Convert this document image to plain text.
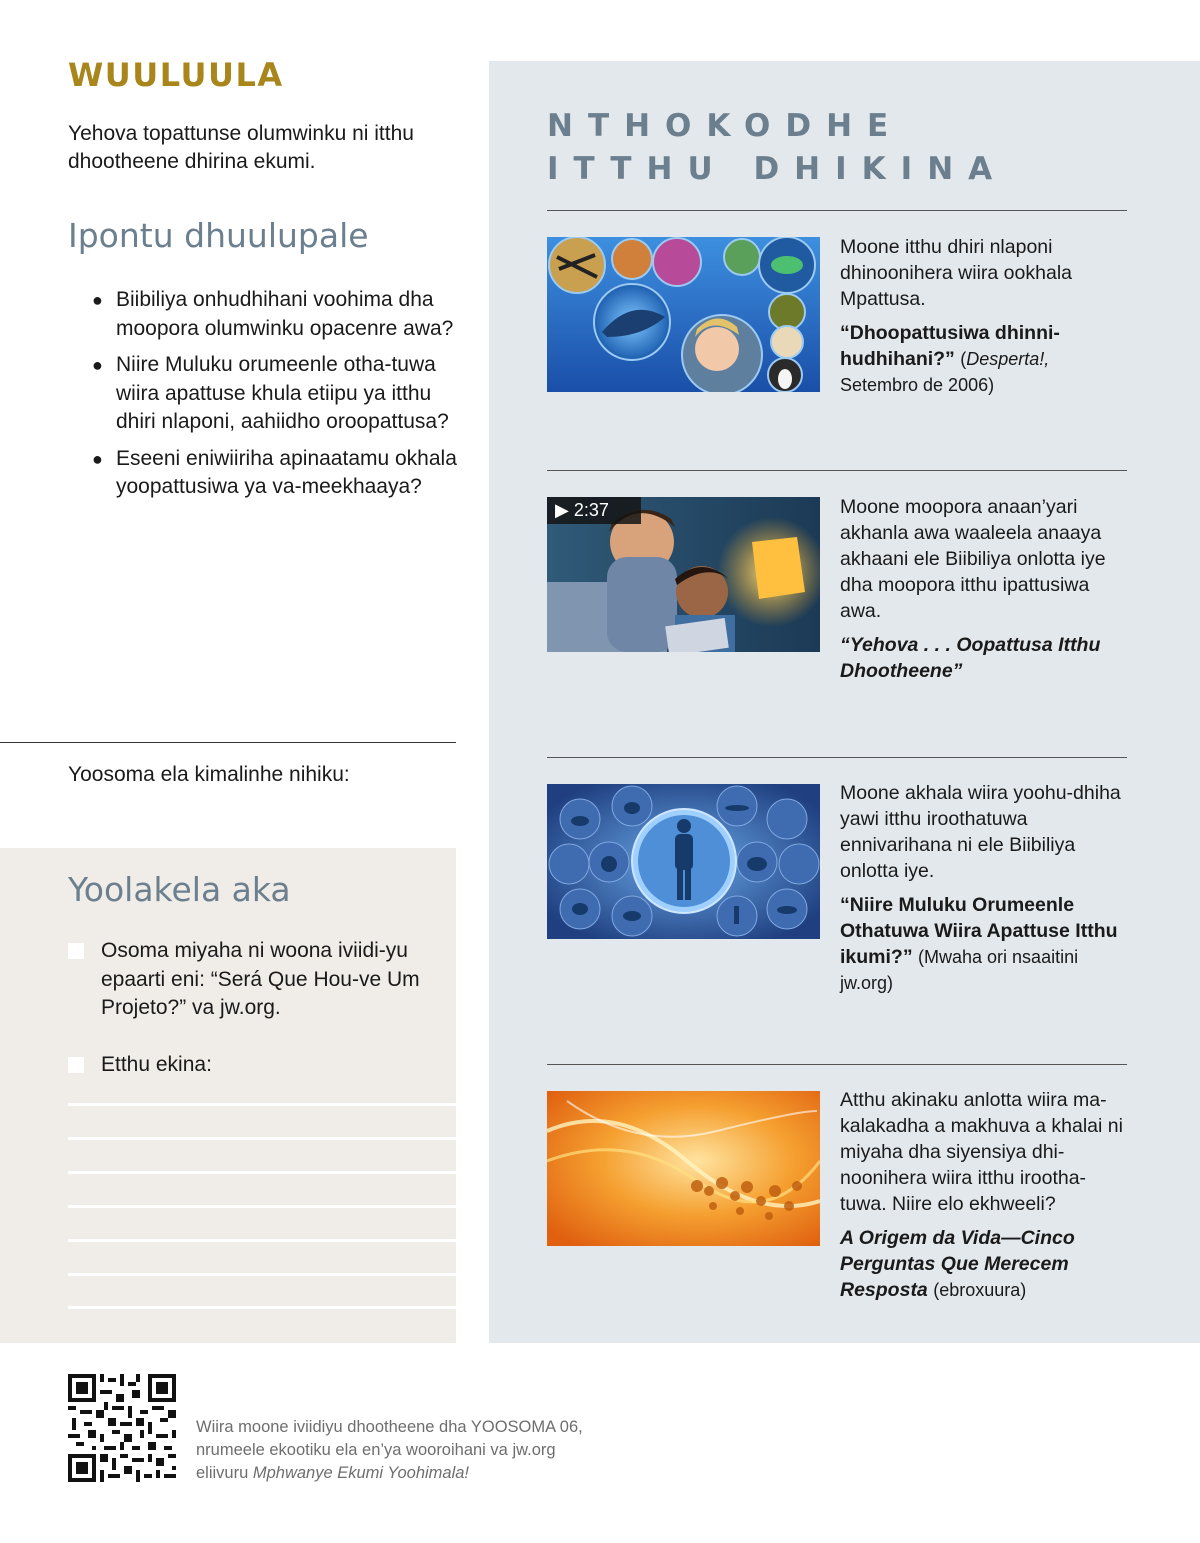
WUULUULA

Yehova topattunse olumwinku ni itthu dhootheene dhirina ekumi.

Ipontu dhuulupale
● Biibiliya onhudhihani voohima dha moopora olumwinku opacenre awa?
● Niire Muluku orumeenle otha-tuwa wiira apattuse khula etiipu ya itthu dhiri nlaponi, aahiidho oroopattusa?
● Eseeni eniwiiriha apinaatamu okhala yoopattusiwa ya va-meekhaaya?
Yoosoma ela kimalinhe nihiku:
Yoolakela aka
Osoma miyaha ni woona iviidi-yu epaarti eni: “Será Que Hou-ve Um Projeto?” va jw.org.
Etthu ekina:
NTHOKODHE
ITTHU DHIKINA
Moone itthu dhiri nlaponi dhinoonihera wiira ookhala Mpattusa.
“Dhoopattusiwa dhinni-hudhihani?” (Desperta!, Setembro de 2006)
▶ 2:37	Moone moopora anaan’yari akhanla awa waaleela anaaya akhaani ele Biibiliya onlotta iye dha moopora itthu ipattusiwa awa.
“Yehova . . . Oopattusa Itthu Dhootheene”
Moone akhala wiira yoohu-dhiha yawi itthu iroothatuwa ennivarihana ni ele Biibiliya onlotta iye.
“Niire Muluku Orumeenle Othatuwa Wiira Apattuse Itthu ikumi?” (Mwaha ori nsaaitini jw.org)
Atthu akinaku anlotta wiira ma-kalakadha a makhuva a khalai ni miyaha dha siyensiya dhi-noonihera wiira itthu irootha-tuwa. Niire elo ekhweeli?
A Origem da Vida—Cinco Perguntas Que Merecem Resposta (ebroxuura)
Wiira moone iviidiyu dhootheene dha YOOSOMA 06,
nrumeele ekootiku ela en’ya wooroihani va jw.org
eliivuru Mphwanye Ekumi Yoohimala!
